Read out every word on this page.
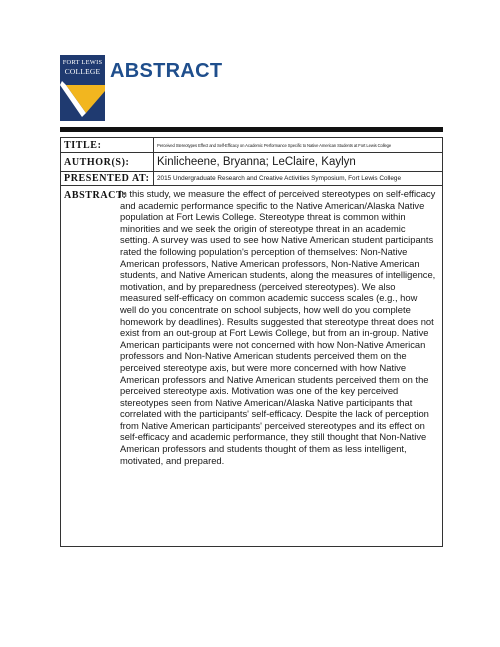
FORT LEWIS
COLLEGE ABSTRACT
TITLE:	Perceived Stereotypes Effect and Self-Efficacy on Academic Performance Specific to Native American Students at Fort Lewis College
AUTHOR(S):	Kinlicheene, Bryanna; LeClaire, Kaylyn
PRESENTED AT:	2015 Undergraduate Research and Creative Activities Symposium, Fort Lewis College
ABSTRACT:

In this study, we measure the effect of perceived stereotypes on self-efficacy and academic performance specific to the Native American/Alaska Native population at Fort Lewis College. Stereotype threat is common within minorities and we seek the origin of stereotype threat in an academic setting. A survey was used to see how Native American student participants rated the following population's perception of themselves: Non-Native American professors, Native American professors, Non-Native American students, and Native American students, along the measures of intelligence, motivation, and by preparedness (perceived stereotypes). We also measured self-efficacy on common academic success scales (e.g., how well do you concentrate on school subjects, how well do you complete homework by deadlines). Results suggested that stereotype threat does not exist from an out-group at Fort Lewis College, but from an in-group. Native American participants were not concerned with how Non-Native American professors and Non-Native American students perceived them on the perceived stereotype axis, but were more concerned with how Native American professors and Native American students perceived them on the perceived stereotype axis. Motivation was one of the key perceived stereotypes seen from Native American/Alaska Native participants that correlated with the participants' self-efficacy. Despite the lack of perception from Native American participants' perceived stereotypes and its effect on self-efficacy and academic performance, they still thought that Non-Native American professors and students thought of them as less intelligent, motivated, and prepared.
